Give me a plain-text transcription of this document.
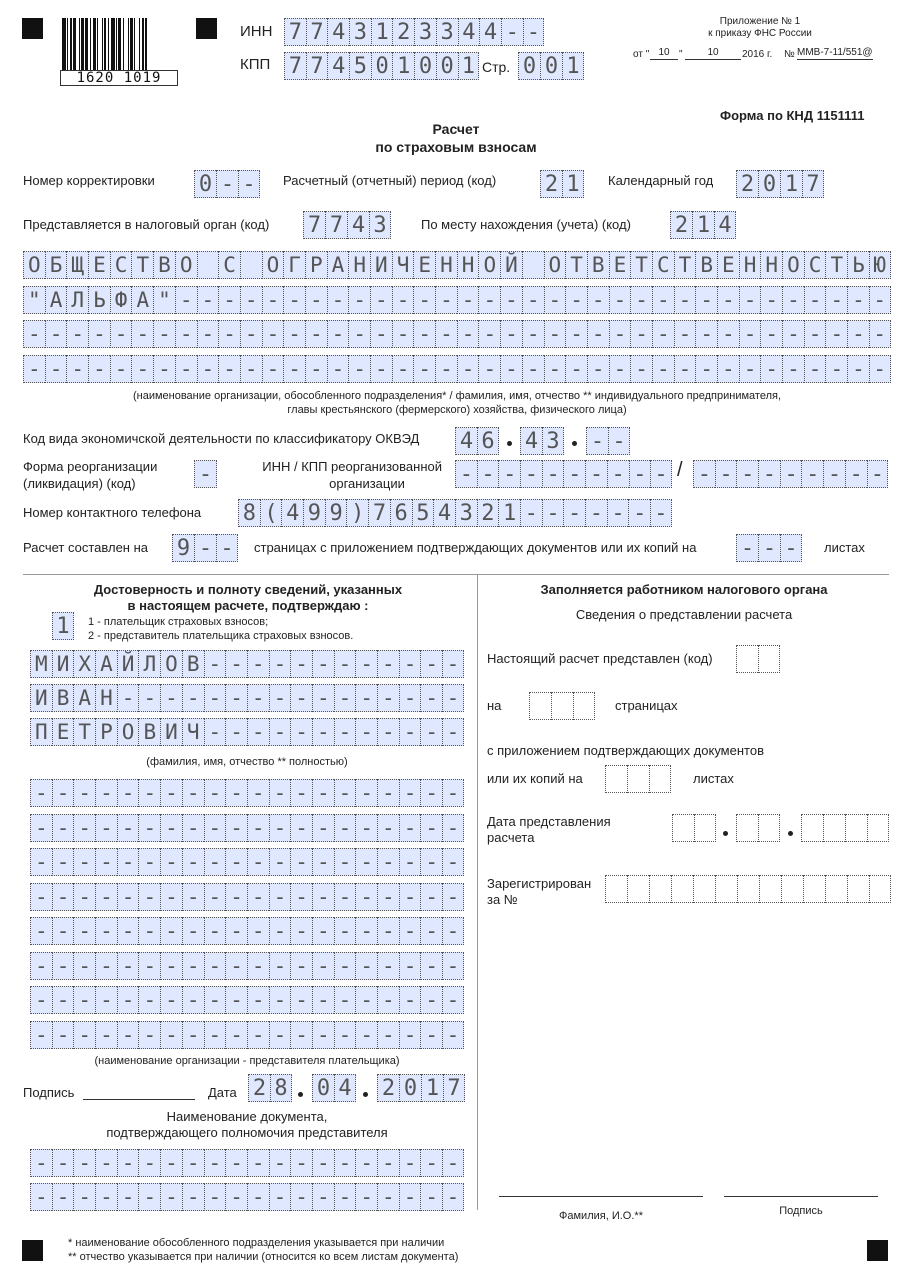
1620 1019
ИНН 7 7 4 3 1 2 3 3 4 4 - -
КПП 7 7 4 5 0 1 0 0 1 Стр. 0 0 1
Приложение № 1
к приказу ФНС России
от " 10 "	10	2016 г. № ММВ-7-11/551@
Форма по КНД 1151111
Расчет
по страховым взносам
Номер корректировки 0 - -	Расчетный (отчетный) период (код) 2 1	Календарный год 2 0 1 7
Представляется в налоговый орган (код) 7 7 4 3	По месту нахождения (учета) (код) 2 1 4
О Б Щ Е С Т В О С О Г Р А Н И Ч Е Н Н О Й О Т В Е Т С Т В Е Н Н О С Т Ь Ю
" А Л Ь Ф А " - - - - - - - - - - - - - - - - - - - - - - - - - - - - - - - - -
- - - - - - - - - - - - - - - - - - - - - - - - - - - - - - - - - - - - - - - -
- - - - - - - - - - - - - - - - - - - - - - - - - - - - - - - - - - - - - - - -
(наименование организации, обособленного подразделения* / фамилия, имя, отчество ** индивидуального предпринимателя,
главы крестьянского (фермерского) хозяйства, физического лица)
Код вида экономичской деятельности по классификатору ОКВЭД 4 6 4 3 - -
Форма реорганизации
(ликвидация) (код)	-	ИНН / КПП реорганизованной
организации	- - - - - - - - - - / - - - - - - - - -
Номер контактного телефона 8 ( 4 9 9 ) 7 6 5 4 3 2 1 - - - - - - -
Расчет составлен на 9 - -	страницах с приложением подтверждающих документов или их копий на - - -	листах
Достоверность и полноту сведений, указанных
в настоящем расчете, подтверждаю :
1	1 - плательщик страховых взносов;
2 - представитель плательщика страховых взносов.
М И Х А Й Л О В - - - - - - - - - - - -
И В А Н - - - - - - - - - - - - - - - -
П Е Т Р О В И Ч - - - - - - - - - - - -
(фамилия, имя, отчество ** полностью)
- - - - - - - - - - - - - - - - - - - -
- - - - - - - - - - - - - - - - - - - -
- - - - - - - - - - - - - - - - - - - -
- - - - - - - - - - - - - - - - - - - -
- - - - - - - - - - - - - - - - - - - -
- - - - - - - - - - - - - - - - - - - -
- - - - - - - - - - - - - - - - - - - -
- - - - - - - - - - - - - - - - - - - -
(наименование организации - представителя плательщика)
Подпись	Дата 2 8 0 4 2 0 1 7
Наименование документа,
подтверждающего полномочия представителя
- - - - - - - - - - - - - - - - - - - -
- - - - - - - - - - - - - - - - - - - -
Заполняется работником налогового органа
Сведения о представлении расчета
Настоящий расчет представлен (код)
на	страницах
с приложением подтверждающих документов
или их копий на	листах
Дата представления
расчета
Зарегистрирован
за №
Фамилия, И.О.**	Подпись
* наименование обособленного подразделения указывается при наличии
** отчество указывается при наличии (относится ко всем листам документа)
